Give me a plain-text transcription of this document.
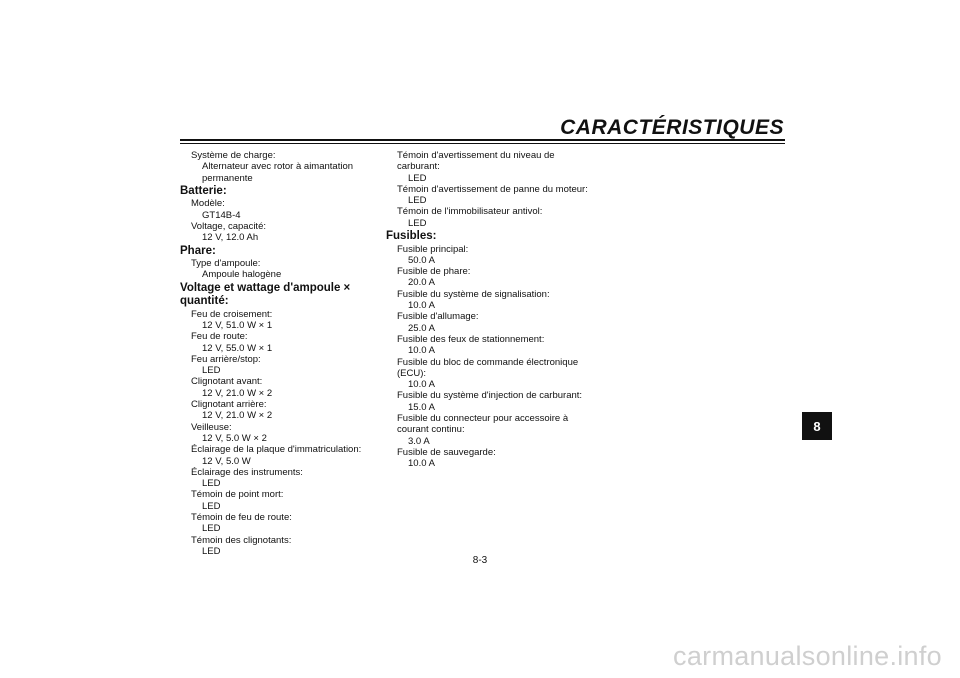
CARACTÉRISTIQUES
Système de charge:
Alternateur avec rotor à aimantation
permanente
Batterie:
Modèle:
GT14B-4
Voltage, capacité:
12 V, 12.0 Ah
Phare:
Type d'ampoule:
Ampoule halogène
Voltage et wattage d'ampoule × quantité:
Feu de croisement:
12 V, 51.0 W × 1
Feu de route:
12 V, 55.0 W × 1
Feu arrière/stop:
LED
Clignotant avant:
12 V, 21.0 W × 2
Clignotant arrière:
12 V, 21.0 W × 2
Veilleuse:
12 V, 5.0 W × 2
Éclairage de la plaque d'immatriculation:
12 V, 5.0 W
Éclairage des instruments:
LED
Témoin de point mort:
LED
Témoin de feu de route:
LED
Témoin des clignotants:
LED
Témoin d'avertissement du niveau de
carburant:
LED
Témoin d'avertissement de panne du moteur:
LED
Témoin de l'immobilisateur antivol:
LED
Fusibles:
Fusible principal:
50.0 A
Fusible de phare:
20.0 A
Fusible du système de signalisation:
10.0 A
Fusible d'allumage:
25.0 A
Fusible des feux de stationnement:
10.0 A
Fusible du bloc de commande électronique
(ECU):
10.0 A
Fusible du système d'injection de carburant:
15.0 A
Fusible du connecteur pour accessoire à
courant continu:
3.0 A
Fusible de sauvegarde:
10.0 A
8
8-3
carmanualsonline.info
